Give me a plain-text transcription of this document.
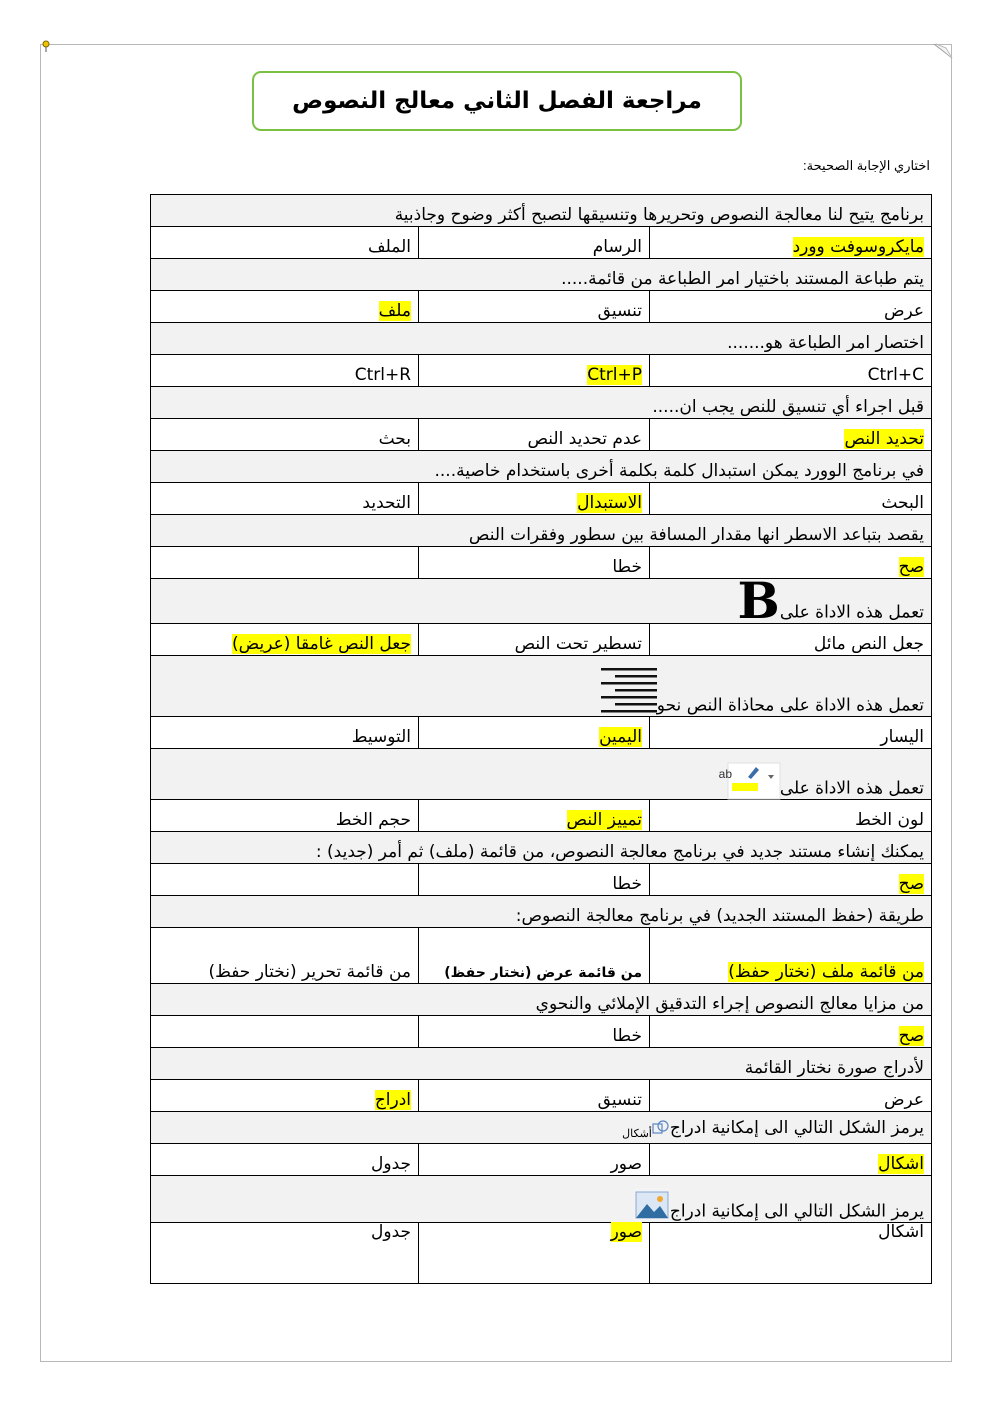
مراجعة الفصل الثاني معالج النصوص
اختاري الإجابة الصحيحة:
برنامج يتيح لنا معالجة النصوص وتحريرها وتنسيقها لتصبح أكثر وضوح وجاذبية		
مايكروسوفت وورد	الرسام	الملف
يتم طباعة المستند باختيار امر الطباعة من قائمة.....		
عرض	تنسيق	ملف
اختصار امر الطباعة هو.......		
Ctrl+C	Ctrl+P	Ctrl+R
قبل اجراء أي تنسيق للنص يجب ان.....		
تحديد النص	عدم تحديد النص	بحث
في برنامج الوورد يمكن استبدال كلمة بكلمة أخرى باستخدام خاصية....		
البحث	الاستبدال	التحديد
يقصد بتباعد الاسطر انها مقدار المسافة بين سطور وفقرات النص		
صح	خطا	
تعمل هذه الاداة علىB		
جعل النص مائل	تسطير تحت النص	جعل النص غامقا (عريض)
تعمل هذه الاداة على محاذاة النص نحو		
اليسار	اليمين	التوسيط
تعمل هذه الاداة على
ab		

لون الخط	تمييز النص	حجم الخط
يمكنك إنشاء مستند جديد في برنامج معالجة النصوص، من قائمة (ملف) ثم أمر (جديد) :		
صح	خطا	
طريقة (حفظ المستند الجديد) في برنامج معالجة النصوص:		
من قائمة ملف (نختار حفظ)	من قائمة عرض (نختار حفظ)	من قائمة تحرير (نختار حفظ)
من مزايا معالج النصوص إجراء التدقيق الإملائي والنحوي		
صح	خطا	
لأدراج صورة نختار القائمة		
عرض	تنسيق	ادراج
يرمز الشكل التالي الى إمكانية ادراجأشكال		
اشكال	صور	جدول
يرمز الشكل التالي الى إمكانية ادراج		
اشكال	صور	جدول
